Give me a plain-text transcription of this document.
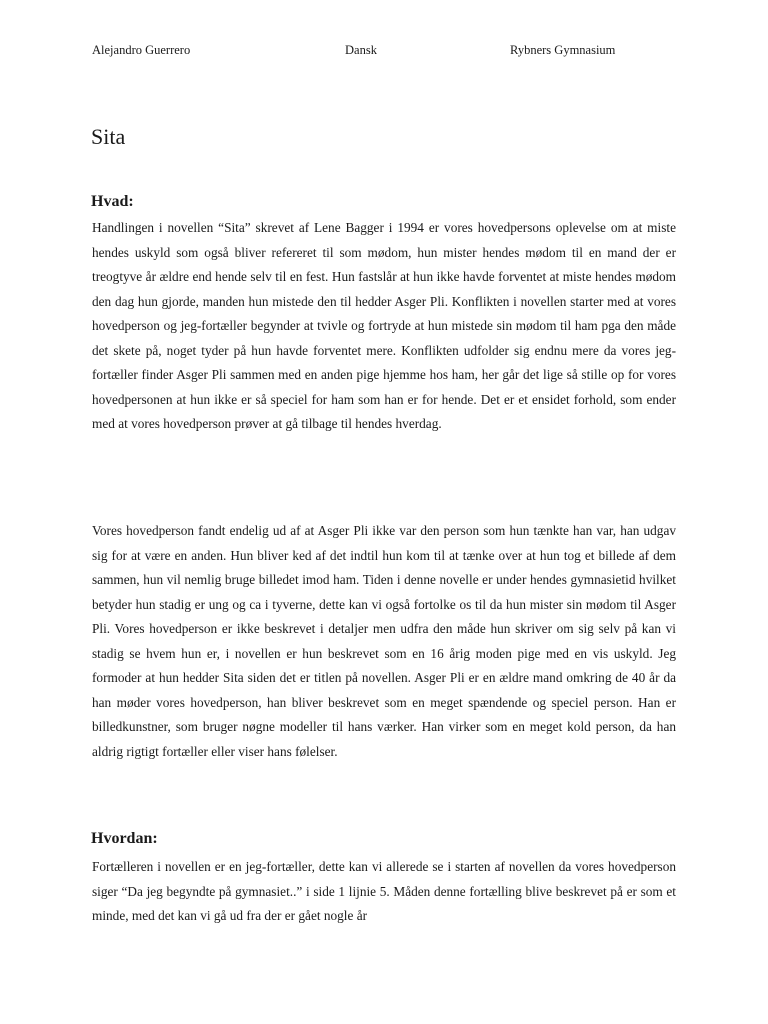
Alejandro Guerrero	Dansk	Rybners Gymnasium
Sita
Hvad:

Handlingen i novellen “Sita” skrevet af Lene Bagger i 1994 er vores hovedpersons oplevelse om at miste hendes uskyld som også bliver refereret til som mødom, hun mister hendes mødom til en mand der er treogtyve år ældre end hende selv til en fest. Hun fastslår at hun ikke havde forventet at miste hendes mødom den dag hun gjorde, manden hun mistede den til hedder Asger Pli. Konflikten i novellen starter med at vores hovedperson og jeg-fortæller begynder at tvivle og fortryde at hun mistede sin mødom til ham pga den måde det skete på, noget tyder på hun havde forventet mere. Konflikten udfolder sig endnu mere da vores jeg-fortæller finder Asger Pli sammen med en anden pige hjemme hos ham, her går det lige så stille op for vores hovedpersonen at hun ikke er så speciel for ham som han er for hende. Det er et ensidet forhold, som ender med at vores hovedperson prøver at gå tilbage til hendes hverdag.

Vores hovedperson fandt endelig ud af at Asger Pli ikke var den person som hun tænkte han var, han udgav sig for at være en anden. Hun bliver ked af det indtil hun kom til at tænke over at hun tog et billede af dem sammen, hun vil nemlig bruge billedet imod ham. Tiden i denne novelle er under hendes gymnasietid hvilket betyder hun stadig er ung og ca i tyverne, dette kan vi også fortolke os til da hun mister sin mødom til Asger Pli. Vores hovedperson er ikke beskrevet i detaljer men udfra den måde hun skriver om sig selv på kan vi stadig se hvem hun er, i novellen er hun beskrevet som en 16 årig moden pige med en vis uskyld. Jeg formoder at hun hedder Sita siden det er titlen på novellen. Asger Pli er en ældre mand omkring de 40 år da han møder vores hovedperson, han bliver beskrevet som en meget spændende og speciel person. Han er billedkunstner, som bruger nøgne modeller til hans værker. Han virker som en meget kold person, da han aldrig rigtigt fortæller eller viser hans følelser.

Hvordan:

Fortælleren i novellen er en jeg-fortæller, dette kan vi allerede se i starten af novellen da vores hovedperson siger “Da jeg begyndte på gymnasiet..” i side 1 lijnie 5. Måden denne fortælling blive beskrevet på er som et minde, med det kan vi gå ud fra der er gået nogle år
